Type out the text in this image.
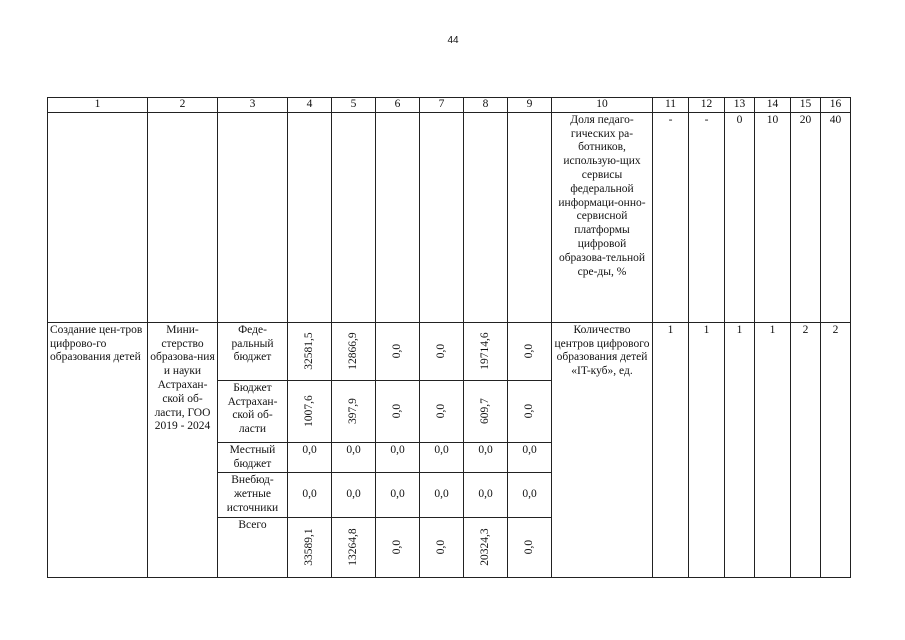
44
1	2	3	4	5	6	7	8	9	10	11	12	13	14	15	16
									Доля педаго-гических ра-ботников, использую-щих сервисы федеральной информаци-онно-сервисной платформы цифровой образова-тельной сре-ды, %	-	-	0	10	20	40
Создание цен-тров цифрово-го образования детей	Мини-стерство образова-ния и науки Астрахан-ской об-ласти, ГОО 2019 - 2024	Феде-ральный бюджет	32581,5	12866,9	0,0	0,0	19714,6	0,0	Количество центров цифрового образования детей «IT-куб», ед.	1	1	1	1	2	2
		Бюджет Астрахан-ской об-ласти	1007,6	397,9	0,0	0,0	609,7	0,0							

		Местный бюджет	0,0	0,0	0,0	0,0	0,0	0,0							
		Внебюд-жетные источники	0,0	0,0	0,0	0,0	0,0	0,0							
		Всего	33589,1	13264,8	0,0	0,0	20324,3	0,0							
